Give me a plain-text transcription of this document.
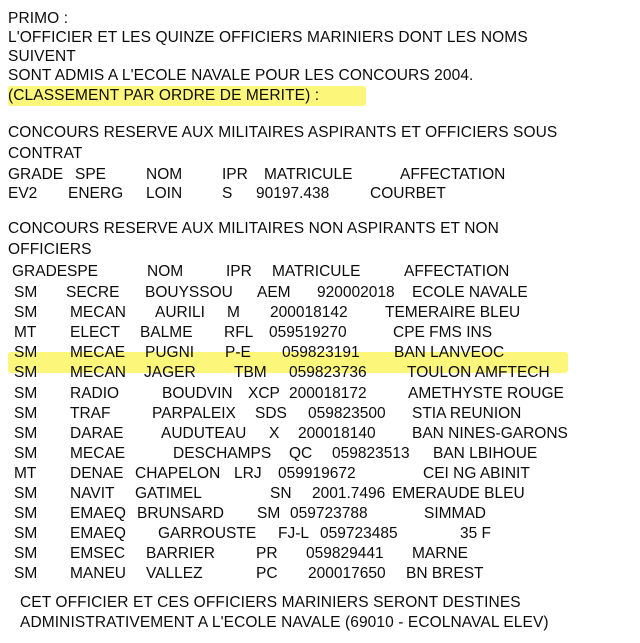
PRIMO :
L'OFFICIER ET LES QUINZE OFFICIERS MARINIERS DONT LES NOMS
SUIVENT
SONT ADMIS A L'ECOLE NAVALE POUR LES CONCOURS 2004.
(CLASSEMENT PAR ORDRE DE MERITE) :
CONCOURS RESERVE AUX MILITAIRES ASPIRANTS ET OFFICIERS SOUS
CONTRAT
GRADE SPE	NOM	IPR MATRICULE	AFFECTATION
EV2 ENERG LOIN	S 90197.438	COURBET
CONCOURS RESERVE AUX MILITAIRES NON ASPIRANTS ET NON
OFFICIERS
GRADE SPE	NOM	IPR MATRICULE	AFFECTATION
SM SECRE BOUYSSOU AEM 920002018 ECOLE NAVALE
SM MECAN AURILI M 200018142 TEMERAIRE BLEU
MT ELECT BALME RFL 059519270	CPE FMS INS
SM MECAE PUGNI P-E 059823191 BAN LANVEOC
SM MECAN JAGER TBM 059823736	TOULON AMFTECH
SM RADIO	BOUDVIN XCP 200018172	AMETHYSTE ROUGE
SM TRAF	PARPALEIX SDS 059823500 STIA REUNION
SM DARAE AUDUTEAU X 200018140 BAN NINES-GARONS
SM MECAE	DESCHAMPS QC 059823513 BAN LBIHOUE
MT DENAE CHAPELON LRJ 059919672	CEI NG ABINIT
SM NAVIT GATIMEL	SN 2001.7496 EMERAUDE BLEU
SM EMAEQ BRUNSARD SM 059723788	SIMMAD
SM EMAEQ GARROUSTE FJ-L 059723485	35 F
SM EMSEC BARRIER	PR 059829441 MARNE
SM MANEU VALLEZ	PC 200017650 BN BREST
CET OFFICIER ET CES OFFICIERS MARINIERS SERONT DESTINES
ADMINISTRATIVEMENT A L'ECOLE NAVALE (69010 - ECOLNAVAL ELEV)
